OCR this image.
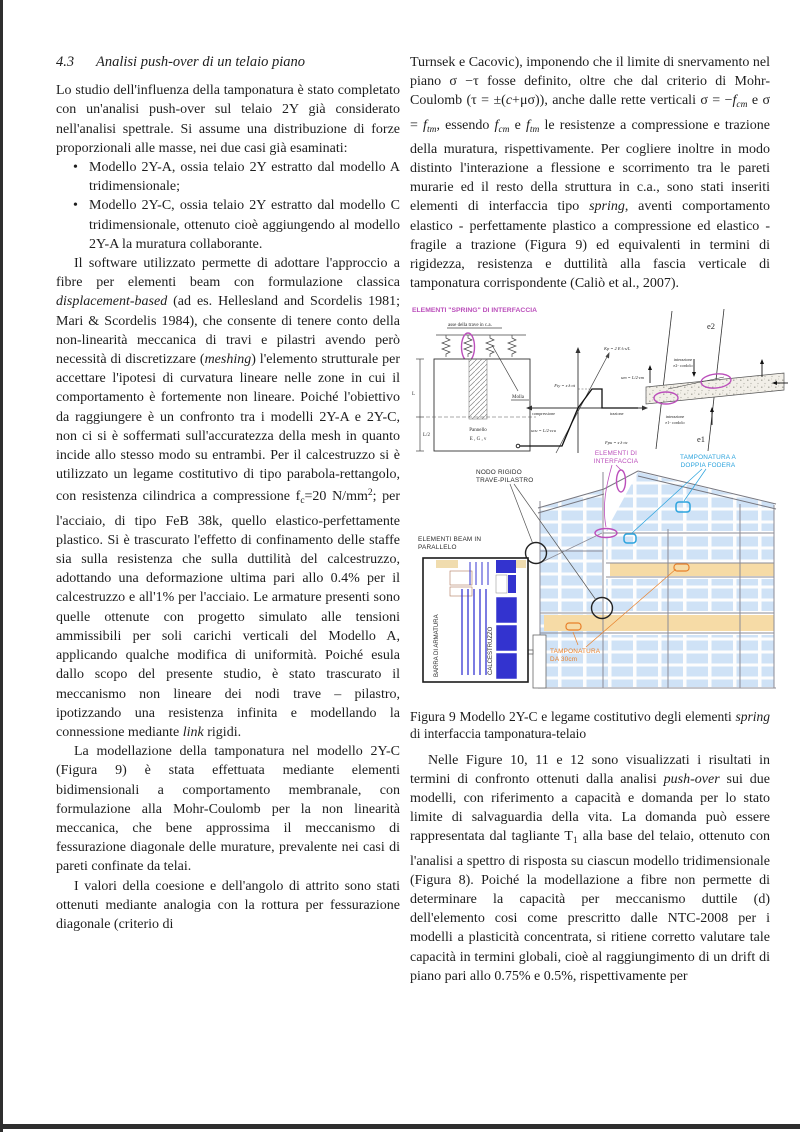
4.3	Analisi push-over di un telaio piano

Lo studio dell'influenza della tamponatura è stato completato con un'analisi push-over sul telaio 2Y già considerato nell'analisi spettrale. Si assume una distribuzione di forze proporzionali alle masse, nei due casi già esaminati:

• Modello 2Y-A, ossia telaio 2Y estratto dal modello A tridimensionale;
• Modello 2Y-C, ossia telaio 2Y estratto dal modello C tridimensionale, ottenuto cioè aggiungendo al modello 2Y-A la muratura collaborante.

Il software utilizzato permette di adottare l'approccio a fibre per elementi beam con formulazione classica displacement-based (ad es. Hellesland and Scordelis 1981; Mari & Scordelis 1984), che consente di tenere conto della non-linearità meccanica di travi e pilastri avendo però necessità di discretizzare (meshing) l'elemento strutturale per accettare l'ipotesi di curvatura lineare nelle zone in cui il comportamento è fortemente non lineare. Poiché l'obiettivo da raggiungere è un confronto tra i modelli 2Y-A e 2Y-C, non ci si è soffermati sull'accuratezza della mesh in quanto incide allo stesso modo su entrambi. Per il calcestruzzo si è utilizzato un legame costitutivo di tipo parabola-rettangolo, con resistenza cilindrica a compressione $f_c=20$ $N/mm^2$; per l'acciaio, di tipo FeB 38k, quello elastico-perfettamente plastico. Si è trascurato l'effetto di confinamento delle staffe sia sulla resistenza che sulla duttilità del calcestruzzo, adottando una deformazione ultima pari allo 0.4% per il calcestruzzo e all'1% per l'acciaio. Le armature presenti sono quelle ottenute con progetto simulato alle tensioni ammissibili per soli carichi verticali del Modello A, applicando qualche modifica di uniformità. Poiché esula dallo scopo del presente studio, è stato trascurato il meccanismo non lineare dei nodi trave – pilastro, ipotizzando una resistenza infinita e modellando la connessione mediante link rigidi.

La modellazione della tamponatura nel modello 2Y-C (Figura 9) è stata effettuata mediante elementi bidimensionali a comportamento membranale, con formulazione alla Mohr-Coulomb per la non linearità meccanica, che bene approssima il meccanismo di fessurazione diagonale delle murature, prevalente nei casi di pareti confinate da telai.

I valori della coesione e dell'angolo di attrito sono stati ottenuti mediante analogia con la rottura per fessurazione diagonale (criterio di

Turnsek e Cacovic), imponendo che il limite di snervamento nel piano σ −τ fosse definito, oltre che dal criterio di Mohr-Coulomb (τ = ±(c+μσ)), anche dalle rette verticali $\sigma = -f_{cm}$ e $\sigma = f_{tm}$, essendo $f_{cm}$ e $f_{tm}$ le resistenze a compressione e trazione della muratura, rispettivamente. Per cogliere inoltre in modo distinto l'interazione a flessione e scorrimento tra le pareti murarie ed il resto della struttura in c.a., sono stati inseriti elementi di interfaccia tipo spring, aventi comportamento elastico - perfettamente plastico a compressione ed elastico - fragile a trazione (Figura 9) ed equivalenti in termini di rigidezza, resistenza e duttilità alla fascia verticale di tamponatura corrispondente (Caliò et al., 2007).

ELEMENTI "SPRING" DI INTERFACCIA
asse della trave in c.a.
Molla
Pannello
E , G , ν
L
L/2
compressione	trazione
Kp = 2 E·λ·s/L
Fty = s·λ·σt
um = L/2·εm
ucu = L/2·εcu
Fpu = s·λ·σc
e2
e1
interazione
e2- cordolo
interazione
e1- cordolo
BARRA DI ARMATURA	CALCESTRUZZO
NODO RIGIDO
TRAVE-PILASTRO
ELEMENTI DI
INTERFACCIA
TAMPONATURA A
DOPPIA FODERA
ELEMENTI BEAM IN
PARALLELO
TAMPONATURA
DA 30cm

Figura 9 Modello 2Y-C e legame costitutivo degli elementi spring di interfaccia tamponatura-telaio

Nelle Figure 10, 11 e 12 sono visualizzati i risultati in termini di confronto ottenuti dalla analisi push-over sui due modelli, con riferimento a capacità e domanda per lo stato limite di salvaguardia della vita. La domanda può essere rappresentata dal tagliante $T_1$ alla base del telaio, ottenuto con l'analisi a spettro di risposta su ciascun modello tridimensionale (Figura 8). Poiché la modellazione a fibre non permette di determinare la capacità per meccanismo duttile (d) dell'elemento cosi come prescritto dalle NTC-2008 per i modelli a plasticità concentrata, si ritiene corretto valutare tale capacità in termini globali, cioè al raggiungimento di un drift di piano pari allo 0.75% e 0.5%, rispettivamente per
